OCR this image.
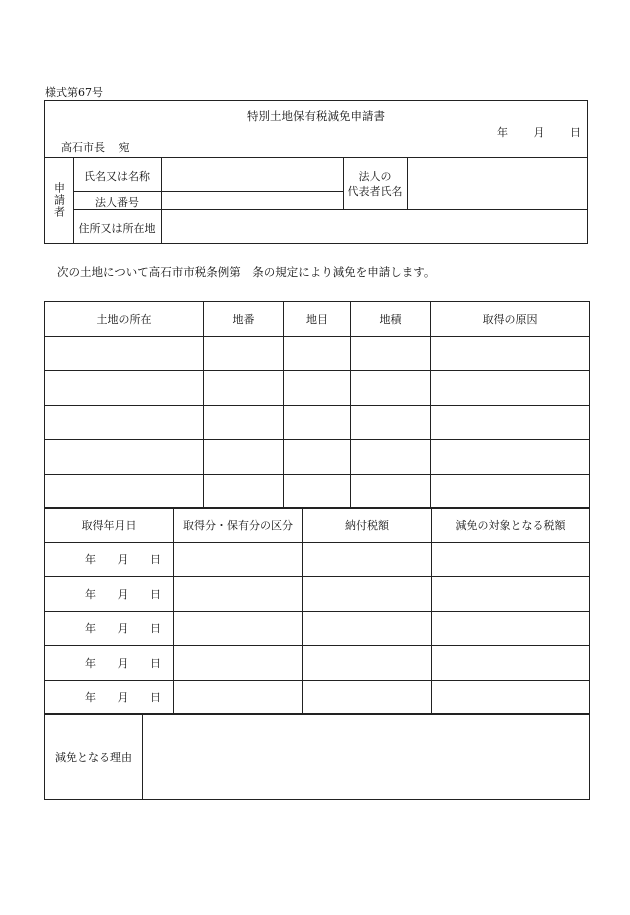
様式第67号
特別土地保有税減免申請書
年 月 日
高石市長 宛
申請者
氏名又は名称
法人番号
法人の
代表者氏名
住所又は所在地
次の土地について高石市市税条例第　条の規定により減免を申請します。
土地の所在	地番	地目	地積	取得の原因

取得年月日	取得分・保有分の区分	納付税額	減免の対象となる税額
年 月 日			
年 月 日			
年 月 日			
年 月 日			
年 月 日			
減免となる理由	
